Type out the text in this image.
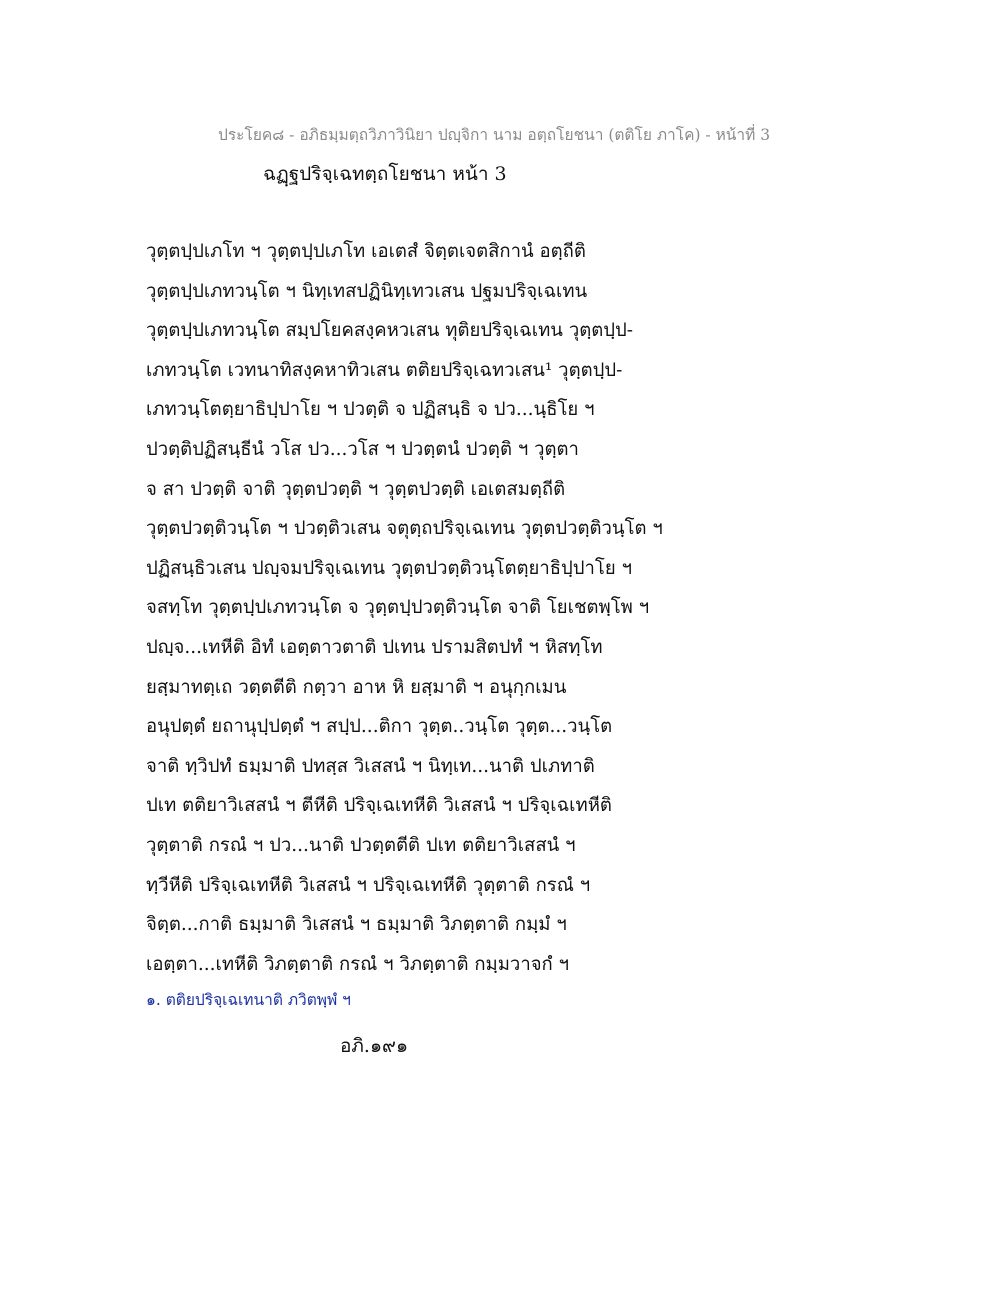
ประโยค๘ - อภิธมฺมตฺถวิภาวินิยา ปญฺจิกา นาม อตฺถโยชนา (ตติโย ภาโค) - หน้าที่ 3
ฉฏฺฐปริจฺเฉทตฺถโยชนา หน้า 3
วุตฺตปฺปเภโท ฯ วุตฺตปฺปเภโท เอเตสํ จิตฺตเจตสิกานํ อตฺถีติ
วุตฺตปฺปเภทวนฺโต ฯ นิทฺเทสปฏินิทฺเทวเสน ปฐมปริจฺเฉเทน
วุตฺตปฺปเภทวนฺโต สมฺปโยคสงฺคหวเสน ทุติยปริจฺเฉเทน วุตฺตปฺป-
เภทวนฺโต เวทนาทิสงฺคหาทิวเสน ตติยปริจฺเฉทวเสน¹ วุตฺตปฺป-
เภทวนฺโตตฺยาธิปฺปาโย ฯ ปวตฺติ จ ปฏิสนฺธิ จ ปว...นฺธิโย ฯ
ปวตฺติปฏิสนฺธีนํ วโส ปว...วโส ฯ ปวตฺตนํ ปวตฺติ ฯ วุตฺตา
จ สา ปวตฺติ จาติ วุตฺตปวตฺติ ฯ วุตฺตปวตฺติ เอเตสมตฺถีติ
วุตฺตปวตฺติวนฺโต ฯ ปวตฺติวเสน จตุตฺถปริจฺเฉเทน วุตฺตปวตฺติวนฺโต ฯ
ปฏิสนฺธิวเสน ปญฺจมปริจฺเฉเทน วุตฺตปวตฺติวนฺโตตฺยาธิปฺปาโย ฯ
จสทฺโท วุตฺตปฺปเภทวนฺโต จ วุตฺตปฺปวตฺติวนฺโต จาติ โยเชตพฺโพ ฯ
ปญฺจ...เทหีติ อิทํ เอตฺตาวตาติ ปเทน ปรามสิตปทํ ฯ หิสทฺโท
ยสฺมาทตฺเถ วตฺตตีติ กตฺวา อาห หิ ยสฺมาติ ฯ อนุกฺกเมน
อนุปตฺตํ ยถานุปฺปตฺตํ ฯ สปฺป...ติกา วุตฺต..วนฺโต วุตฺต...วนฺโต
จาติ ทฺวิปทํ ธมฺมาติ ปทสฺส วิเสสนํ ฯ นิทฺเท...นาติ ปเภทาติ
ปเท ตติยาวิเสสนํ ฯ ตีหีติ ปริจฺเฉเทหีติ วิเสสนํ ฯ ปริจฺเฉเทหีติ
วุตฺตาติ กรณํ ฯ ปว...นาติ ปวตฺตตีติ ปเท ตติยาวิเสสนํ ฯ
ทฺวีหีติ ปริจฺเฉเทหีติ วิเสสนํ ฯ ปริจฺเฉเทหีติ วุตฺตาติ กรณํ ฯ
จิตฺต...กาติ ธมฺมาติ วิเสสนํ ฯ ธมฺมาติ วิภตฺตาติ กมฺมํ ฯ
เอตฺตา...เทหีติ วิภตฺตาติ กรณํ ฯ วิภตฺตาติ กมฺมวาจกํ ฯ
๑. ตติยปริจฺเฉเทนาติ ภวิตพฺพํ ฯ
อภิ.๑๙๑
